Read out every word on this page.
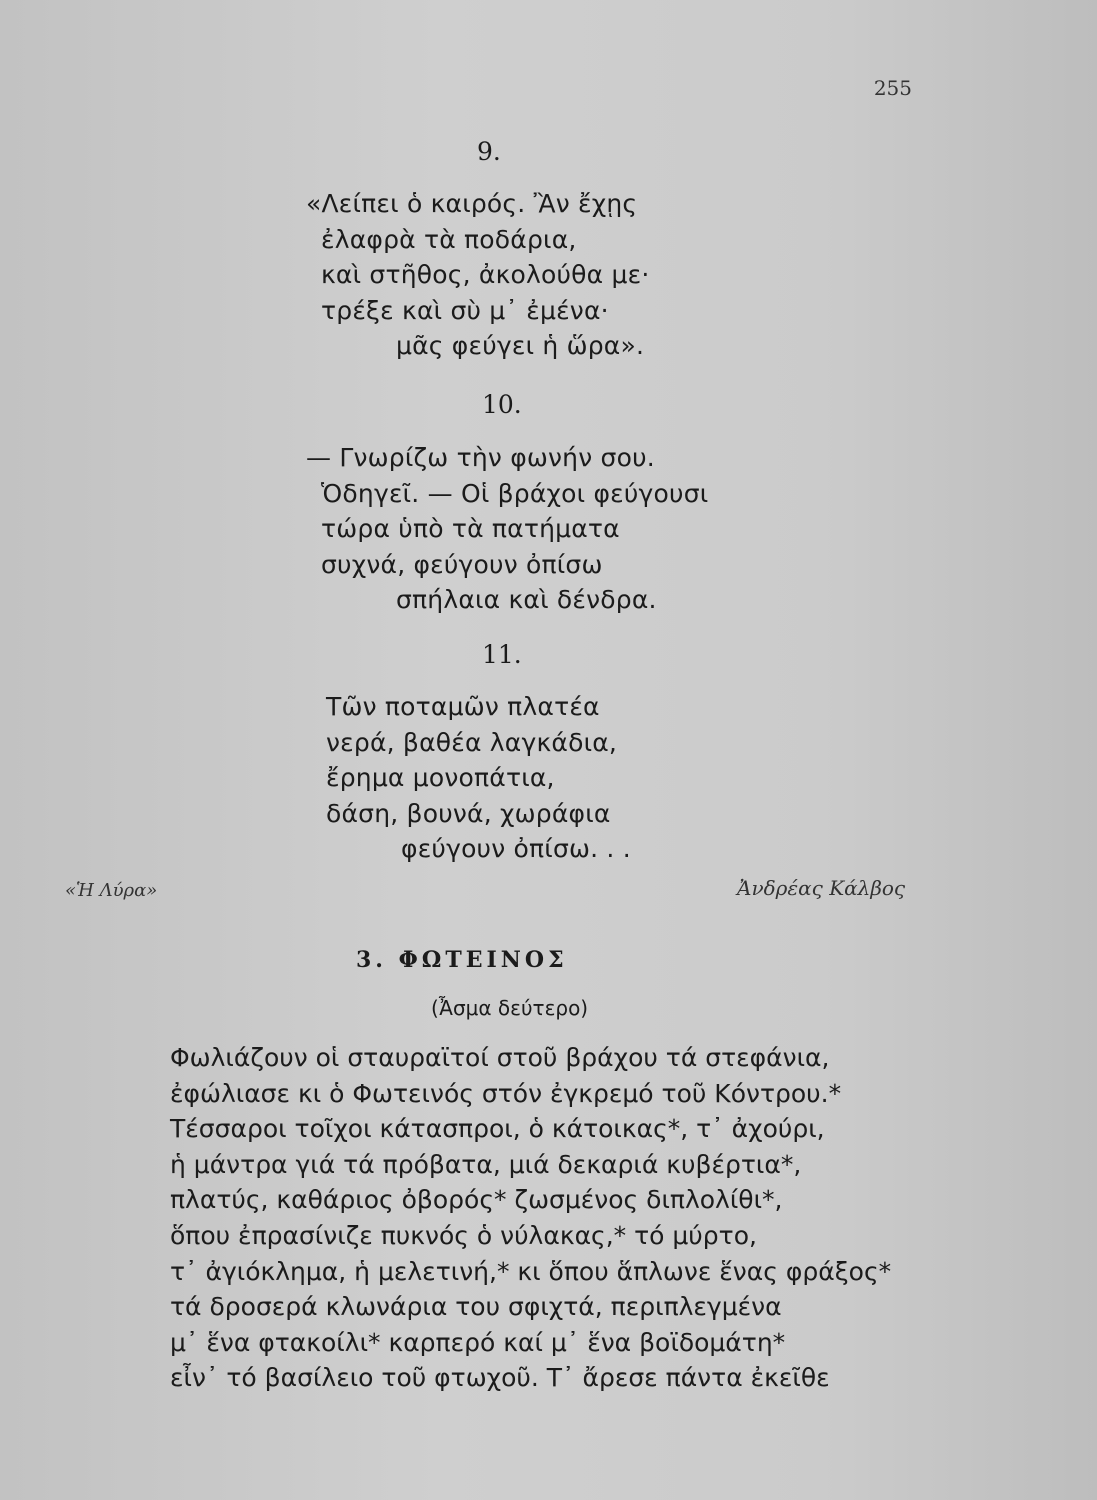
255
9.
«Λείπει ὁ καιρός. Ἂν ἔχῃς
ἐλαφρὰ τὰ ποδάρια,
καὶ στῆθος, ἀκολούθα με·
τρέξε καὶ σὺ μ᾽ ἐμένα·
μᾶς φεύγει ἡ ὥρα».
10.
— Γνωρίζω τὴν φωνήν σου.
Ὁδηγεῖ. — Οἱ βράχοι φεύγουσι
τώρα ὑπὸ τὰ πατήματα
συχνά, φεύγουν ὀπίσω
σπήλαια καὶ δένδρα.
11.
Τῶν ποταμῶν πλατέα
νερά, βαθέα λαγκάδια,
ἔρημα μονοπάτια,
δάση, βουνά, χωράφια
φεύγουν ὀπίσω. . .
«Ἡ Λύρα»	Ἀνδρέας Κάλβος
3. ΦΩΤΕΙΝΟΣ
(Ἆσμα δεύτερο)
Φωλιάζουν οἱ σταυραϊτοί στοῦ βράχου τά στεφάνια,
ἐφώλιασε κι ὁ Φωτεινός στόν ἐγκρεμό τοῦ Κόντρου.*
Τέσσαροι τοῖχοι κάτασπροι, ὁ κάτοικας*, τ᾽ ἀχούρι,
ἡ μάντρα γιά τά πρόβατα, μιά δεκαριά κυβέρτια*,
πλατύς, καθάριος ὀβορός* ζωσμένος διπλολίθι*,
ὅπου ἐπρασίνιζε πυκνός ὁ νύλακας,* τό μύρτο,
τ᾽ ἀγιόκλημα, ἡ μελετινή,* κι ὅπου ἅπλωνε ἕνας φράξος*
τά δροσερά κλωνάρια του σφιχτά, περιπλεγμένα
μ᾽ ἕνα φτακοίλι* καρπερό καί μ᾽ ἕνα βοϊδομάτη*
εἶν᾽ τό βασίλειο τοῦ φτωχοῦ. Τ᾽ ἄρεσε πάντα ἐκεῖθε
